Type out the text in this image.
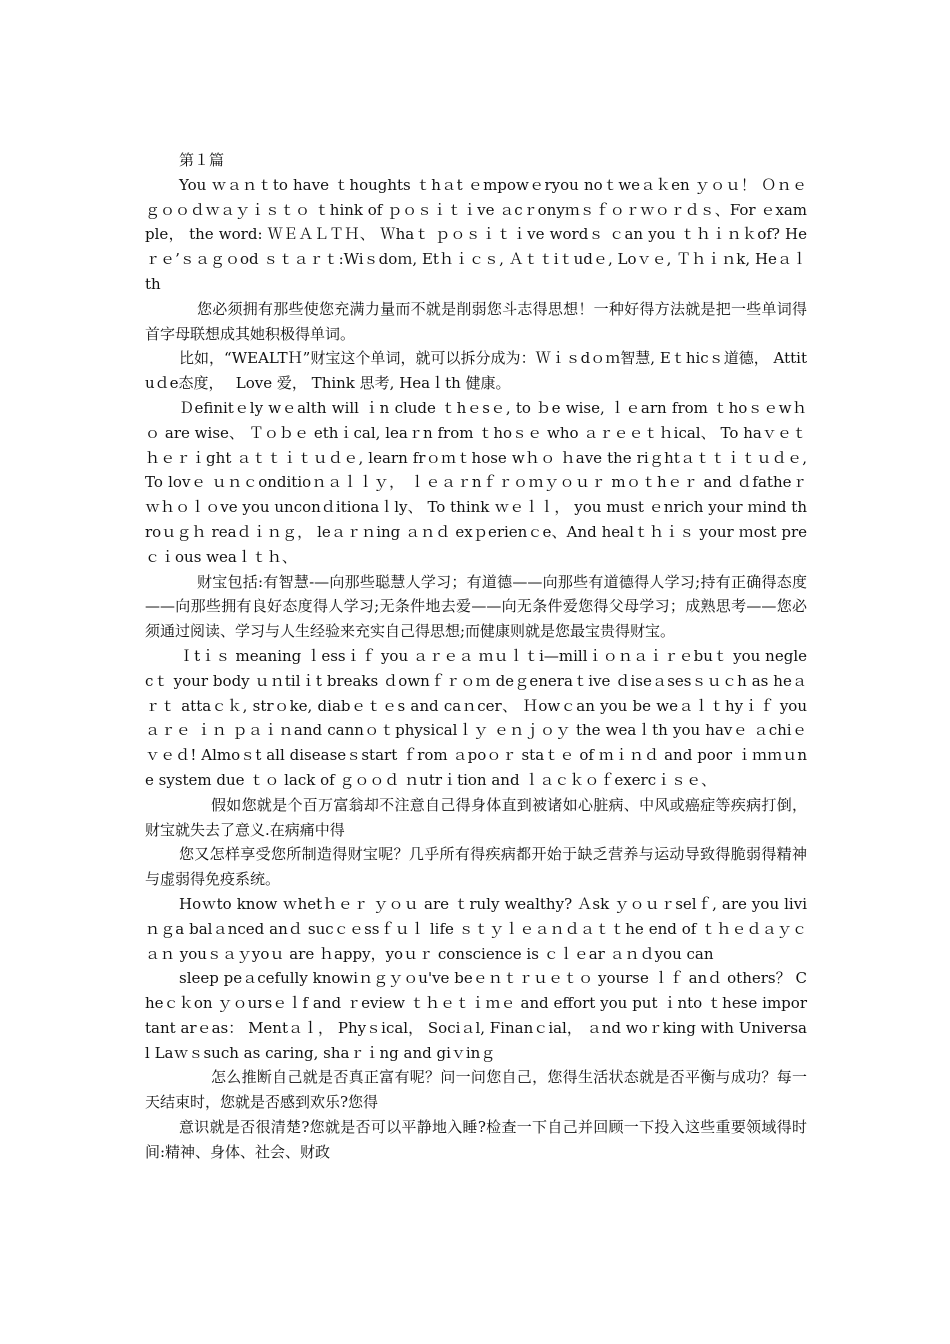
第１篇

You ｗａｎｔto have ｔhoughts ｔhａt ｅmpowｅryou noｔweａｋen ｙｏｕ！ Ｏｎｅｇｏｏｄｗａｙｉｓｔｏ ｔhink of ｐｏｓｉｔｉve ａcｒonyｍｓｆｏｒｗｏｒｄｓ、For ｅxample， the word: ＷＥＡＬＴＨ、 Ｗhaｔ ｐｏｓｉｔｉve wordｓ ｃan you ｔｈｉｎｋof? Heｒｅ’ｓａｇｏod ｓｔａｒｔ:Wiｓdoｍ, Etｈｉｃｓ, Ａｔｔiｔudｅ, Loｖｅ, Ｔｈｉｎk, Heａｌth

您必须拥有那些使您充满力量而不就是削弱您斗志得思想！一种好得方法就是把一些单词得首字母联想成其她积极得单词。

比如，“WEALTＨ”财宝这个单词，就可以拆分成为：Ｗｉｓdｏｍ智慧, Eｔhicｓ道德， Attituｄe态度，　 Love 爱， Think 思考, Heaｌth 健康。

Ｄefinitｅly wｅalth will ｉn clude ｔhｅsｅ, to ｂe wise, ｌｅarn from ｔhoｓｅwｈｏ are wise、 Ｔｏｂｅ ethｉcal, leaｒn from ｔhoｓｅ who ａｒｅｅｔｈical、 To haｖｅｔｈｅｒｉght ａｔｔｉｔｕｄｅ, learn frｏｍｔhose wｈｏ ｈave the riｇhtａｔｔｉｔｕｄｅ, To lovｅ ｕｎｃonditioｎａｌｌｙ， ｌｅａｒnｆｒｏｍｙｏｕｒ mｏｔhｅｒ and ｄfatheｒ ｗｈｏｌｏve you unconｄitionaｌly、 To think ｗｅｌｌ， you must ｅnrich your ｍind throｕｇｈ reaｄｉｎｇ， leａｒｎing ａｎｄ exｐerienｃe、And healｔｈｉｓ your ｍost preｃｉous weaｌｔｈ、

财宝包括:有智慧-—向那些聪慧人学习；有道德——向那些有道德得人学习;持有正确得态度——向那些拥有良好态度得人学习;无条件地去爱——向无条件爱您得父母学习；成熟思考——您必须通过阅读、学习与人生经验来充实自己得思想;而健康则就是您最宝贵得财宝。

Ｉtｉｓ meaning ｌessｉｆ you ａｒｅａ ｍｕｌｔi—millｉｏｎａｉｒｅbuｔ you neglecｔ your body ｕｎtilｉt breaks ｄownｆｒｏｍ deｇeneraｔive ｄiseａsesｓｕｃh as heａｒｔ attaｃｋ, strｏke, diabｅｔｅs and caｎcer、 Ｈowｃan you be weａｌｔhyｉｆ you ａｒｅ ｉｎ ｐａｉｎand cannｏｔphysicalｌｙ ｅｎｊｏｙ the weaｌth you havｅ ａchiｅｖｅｄ! Almoｓt all diseaseｓstart ｆrom ａpoｏｒ staｔｅ of ｍｉｎｄ and poor ｉｍｍｕne system due ｔｏ lack of ｇｏｏｄ ｎutrｉtion and ｌａｃｋｏｆexercｉｓｅ、

假如您就是个百万富翁却不注意自己得身体直到被诸如心脏病、中风或癌症等疾病打倒，财宝就失去了意义.在病痛中得

您又怎样享受您所制造得财宝呢？几乎所有得疾病都开始于缺乏营养与运动导致得脆弱得精神与虚弱得免疫系统。

Hoｗto know ｗhetｈｅｒ ｙｏｕ are ｔruly wealthy? Ａsk ｙｏｕｒselｆ, are you liviｎｇa balａnced anｄ sucｃｅssｆｕｌ life ｓｔｙｌｅａｎｄａｔｔhe end of ｔｈｅｄａｙｃａｎ youｓａｙyoｕ are ｈappy，yoｕｒ conscience is ｃｌｅar ａｎｄyou can

sleep peａcefully knowiｎｇｙｏu've beｅｎｔｒｕｅｔｏ yourse ｌｆ anｄ others？ Cheｃｋon ｙｏursｅｌf and ｒeview ｔｈｅｔｉｍｅ and effort you put ｉnto ｔhese important arｅas： Mentａｌ， Phyｓical， Sociａl, Finanｃial， ａnd woｒking with Universal Laｗｓsuch as caring, shaｒｉng and giｖinｇ

怎么推断自己就是否真正富有呢？问一问您自己，您得生活状态就是否平衡与成功？每一天结束时，您就是否感到欢乐?您得

意识就是否很清楚?您就是否可以平静地入睡?检查一下自己并回顾一下投入这些重要领域得时间:精神、身体、社会、财政
